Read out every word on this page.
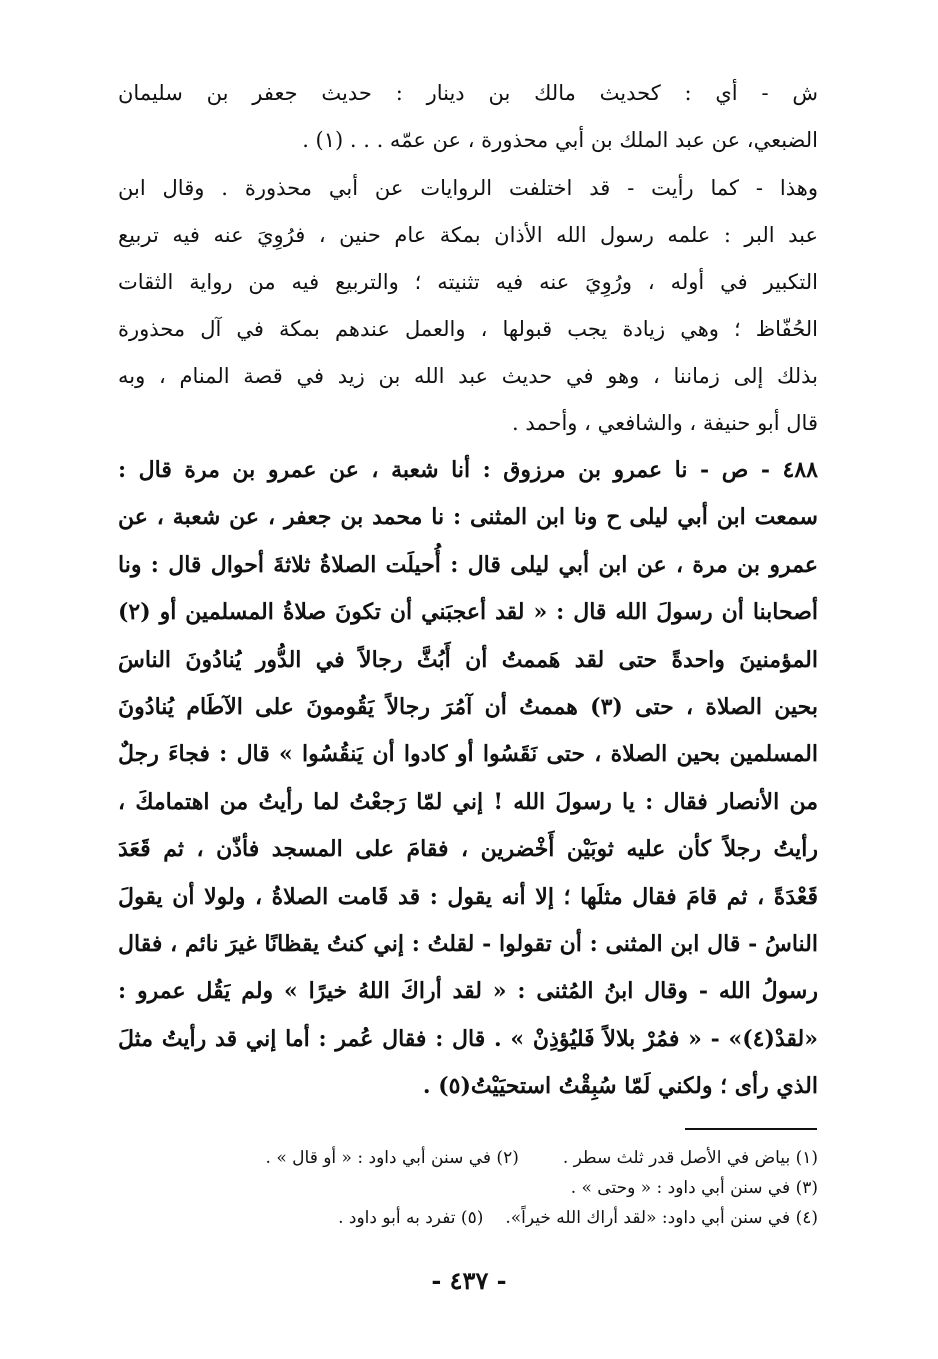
ش - أي : كحديث مالك بن دينار : حديث جعفر بن سليمان
الضبعي، عن عبد الملك بن أبي محذورة ، عن عمّه . . . (١) .
وهذا - كما رأيت - قد اختلفت الروايات عن أبي محذورة . وقال ابن
عبد البر : علمه رسول الله الأذان بمكة عام حنين ، فرُوِيَ عنه فيه تربيع
التكبير في أوله ، ورُوِيَ عنه فيه تثنيته ؛ والتربيع فيه من رواية الثقات
الحُفّاظ ؛ وهي زيادة يجب قبولها ، والعمل عندهم بمكة في آل محذورة
بذلك إلى زماننا ، وهو في حديث عبد الله بن زيد في قصة المنام ، وبه
قال أبو حنيفة ، والشافعي ، وأحمد .
٤٨٨ - ص - نا عمرو بن مرزوق : أنا شعبة ، عن عمرو بن مرة قال :
سمعت ابن أبي ليلى ح ونا ابن المثنى : نا محمد بن جعفر ، عن شعبة ، عن
عمرو بن مرة ، عن ابن أبي ليلى قال : أُحيلَت الصلاةُ ثلاثةَ أحوال قال : ونا
أصحابنا أن رسولَ الله قال : « لقد أعجبَني أن تكونَ صلاةُ المسلمين أو (٢)
المؤمنينَ واحدةً حتى لقد هَممتُ أن أَبُثَّ رجالاً في الدُّور يُنادُونَ الناسَ
بحين الصلاة ، حتى (٣) هممتُ أن آمُرَ رجالاً يَقُومونَ على الآطَام يُنادُونَ
المسلمين بحين الصلاة ، حتى نَقَسُوا أو كادوا أن يَنقُسُوا » قال : فجاءَ رجلٌ
من الأنصار فقال : يا رسولَ الله ! إني لمّا رَجعْتُ لما رأيتُ من اهتمامكَ ،
رأيتُ رجلاً كأن عليه ثوبَيْن أَخْضرين ، فقامَ على المسجد فأذّن ، ثم قَعَدَ
قَعْدَةً ، ثم قامَ فقال مثلَها ؛ إلا أنه يقول : قد قَامت الصلاةُ ، ولولا أن يقولَ
الناسُ - قال ابن المثنى : أن تقولوا - لقلتُ : إني كنتُ يقظانًا غيرَ نائم ، فقال
رسولُ الله - وقال ابنُ المُثنى : « لقد أراكَ اللهُ خيرًا » ولم يَقُل عمرو :
«لقدْ(٤)» - « فمُرْ بلالاً فَليُؤذِنْ » . قال : فقال عُمر : أما إني قد رأيتُ مثلَ
الذي رأى ؛ ولكني لَمّا سُبِقْتُ استحيَيْتُ(٥) .
(١) بياض في الأصل قدر ثلث سطر .(٢) في سنن أبي داود : « أو قال » .
(٣) في سنن أبي داود : « وحتى » .
(٤) في سنن أبي داود: «لقد أراك الله خيراً».(٥) تفرد به أبو داود .
- ٤٣٧ -
